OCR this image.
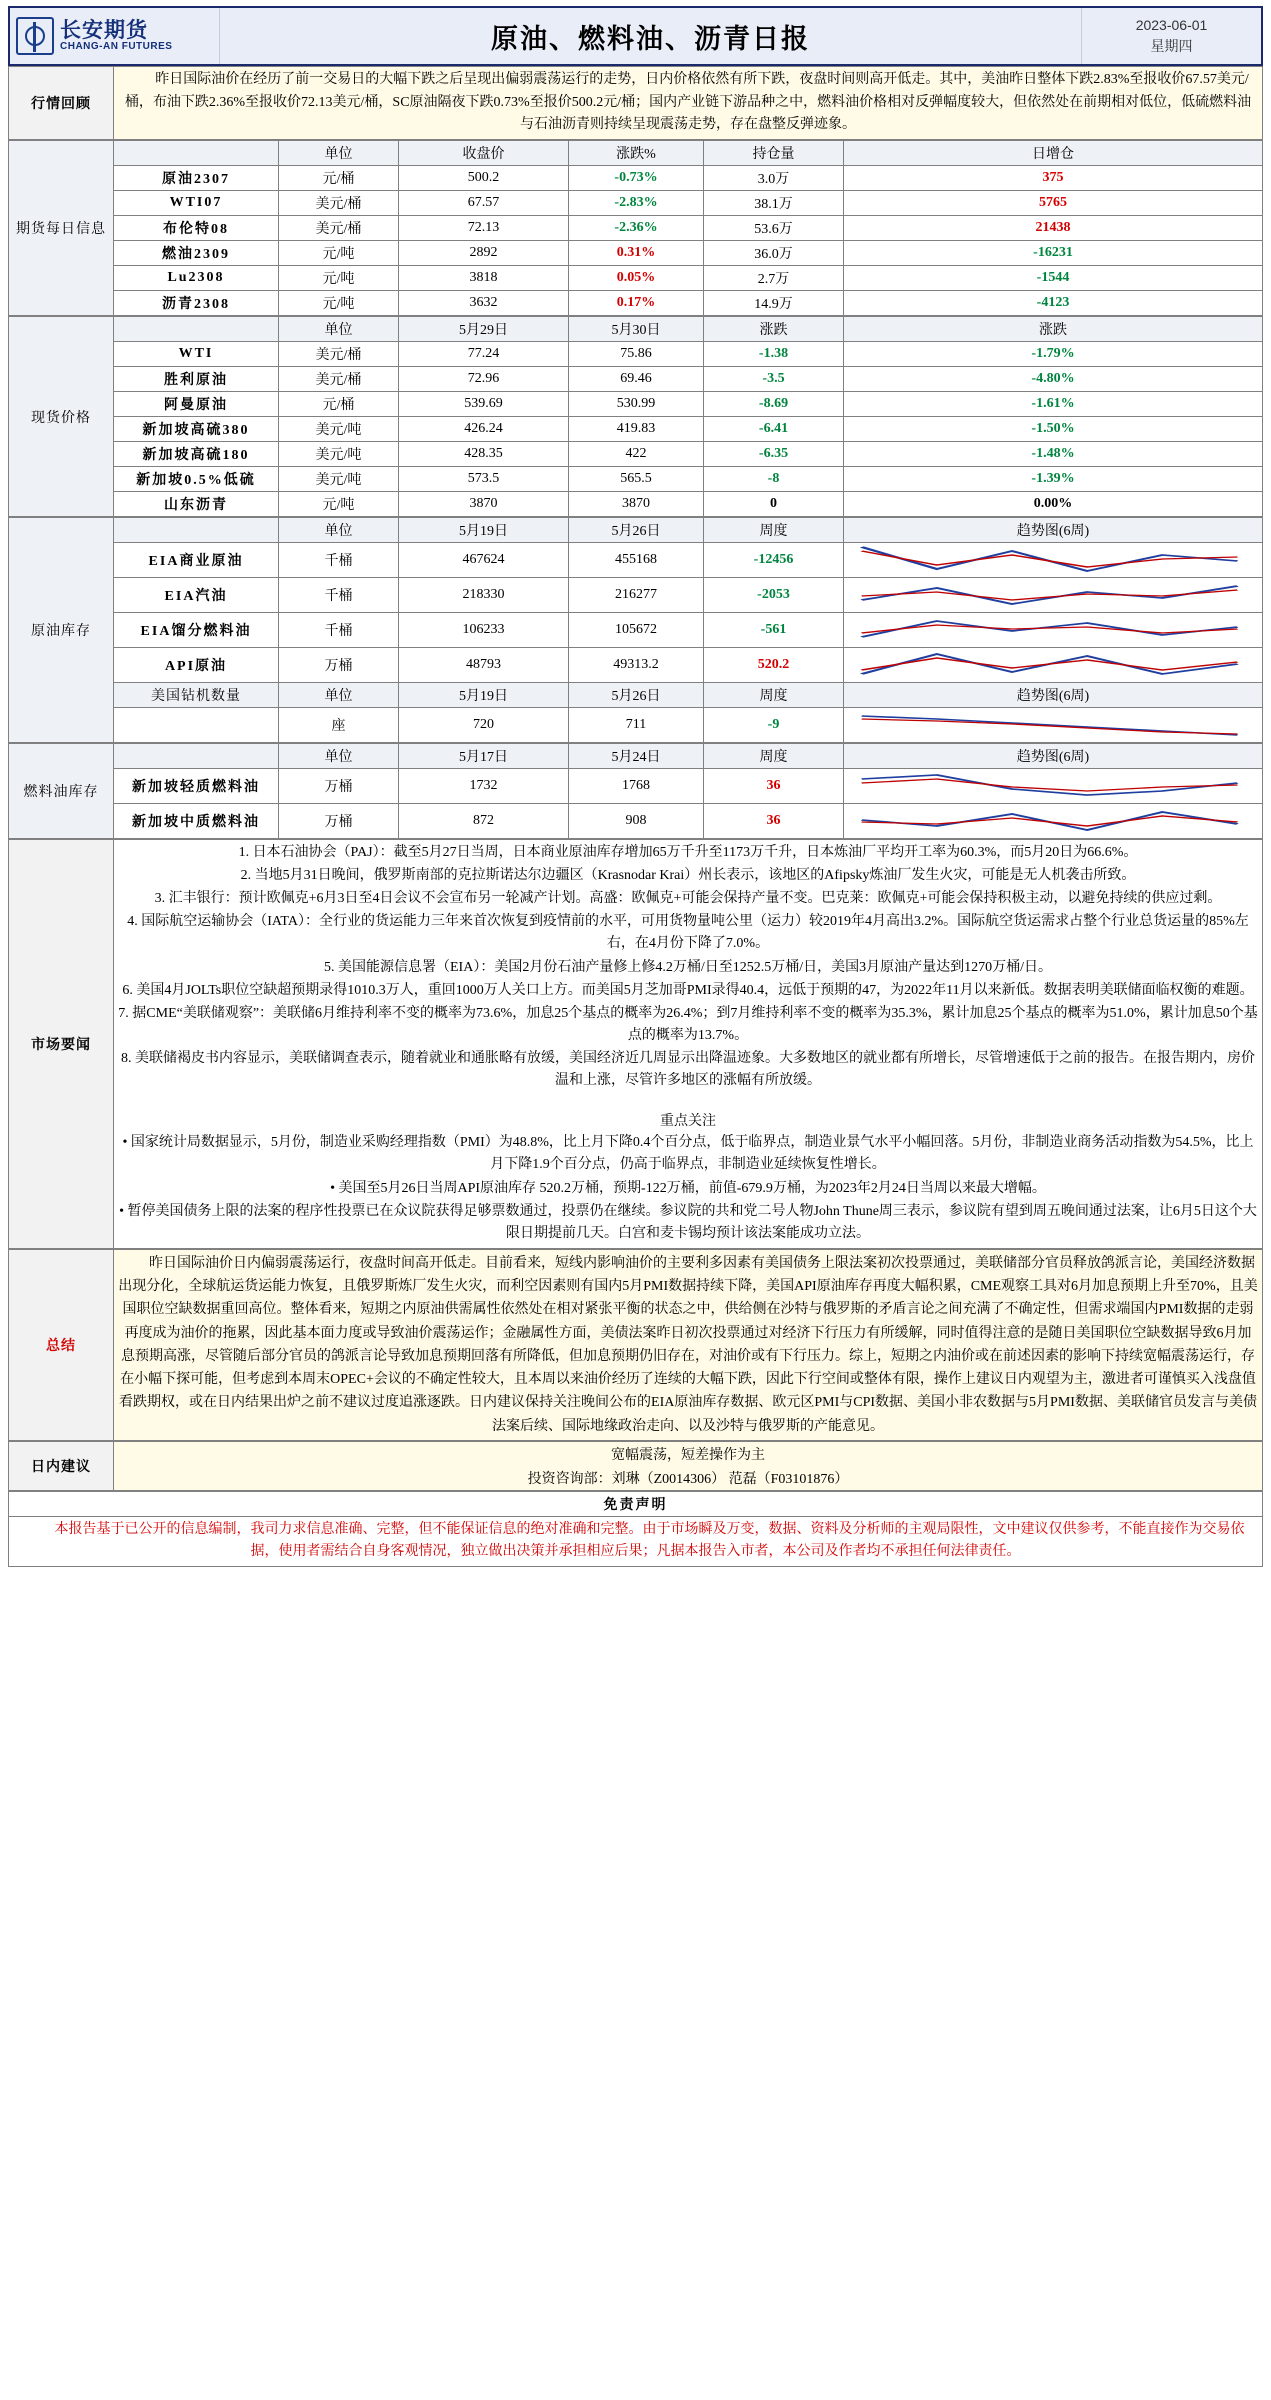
长安期货
CHANG-AN FUTURES	原油、燃料油、沥青日报	2023-06-01
星期四
行情回顾	昨日国际油价在经历了前一交易日的大幅下跌之后呈现出偏弱震荡运行的走势，日内价格依然有所下跌，夜盘时间则高开低走。其中，美油昨日整体下跌2.83%至报收价67.57美元/桶，布油下跌2.36%至报收价72.13美元/桶，SC原油隔夜下跌0.73%至报价500.2元/桶；国内产业链下游品种之中，燃料油价格相对反弹幅度较大，但依然处在前期相对低位，低硫燃料油与石油沥青则持续呈现震荡走势，存在盘整反弹迹象。
期货每日信息		单位	收盘价	涨跌%	持仓量	日增仓
	原油2307	元/桶	500.2	-0.73%	3.0万	375
	WTI07	美元/桶	67.57	-2.83%	38.1万	5765
	布伦特08	美元/桶	72.13	-2.36%	53.6万	21438
	燃油2309	元/吨	2892	0.31%	36.0万	-16231
	Lu2308	元/吨	3818	0.05%	2.7万	-1544
	沥青2308	元/吨	3632	0.17%	14.9万	-4123
现货价格		单位	5月29日	5月30日	涨跌	涨跌
	WTI	美元/桶	77.24	75.86	-1.38	-1.79%
	胜利原油	美元/桶	72.96	69.46	-3.5	-4.80%
	阿曼原油	元/桶	539.69	530.99	-8.69	-1.61%
	新加坡高硫380	美元/吨	426.24	419.83	-6.41	-1.50%
	新加坡高硫180	美元/吨	428.35	422	-6.35	-1.48%
	新加坡0.5%低硫	美元/吨	573.5	565.5	-8	-1.39%
	山东沥青	元/吨	3870	3870	0	0.00%
原油库存		单位	5月19日	5月26日	周度	趋势图(6周)
	EIA商业原油	千桶	467624	455168	-12456	

	EIA汽油	千桶	218330	216277	-2053	

	EIA馏分燃料油	千桶	106233	105672	-561	

	API原油	万桶	48793	49313.2	520.2	

	美国钻机数量	单位	5月19日	5月26日	周度	趋势图(6周)
		座	720	711	-9	
燃料油库存		单位	5月17日	5月24日	周度	趋势图(6周)
	新加坡轻质燃料油	万桶	1732	1768	36	

	新加坡中质燃料油	万桶	872	908	36	
市场要闻	

1. 日本石油协会（PAJ）：截至5月27日当周，日本商业原油库存增加65万千升至1173万千升，日本炼油厂平均开工率为60.3%，而5月20日为66.6%。

2. 当地5月31日晚间，俄罗斯南部的克拉斯诺达尔边疆区（Krasnodar Krai）州长表示，该地区的Afipsky炼油厂发生火灾，可能是无人机袭击所致。

3. 汇丰银行：预计欧佩克+6月3日至4日会议不会宣布另一轮减产计划。高盛：欧佩克+可能会保持产量不变。巴克莱：欧佩克+可能会保持积极主动，以避免持续的供应过剩。

4. 国际航空运输协会（IATA）：全行业的货运能力三年来首次恢复到疫情前的水平，可用货物量吨公里（运力）较2019年4月高出3.2%。国际航空货运需求占整个行业总货运量的85%左右，在4月份下降了7.0%。

5. 美国能源信息署（EIA）：美国2月份石油产量修上修4.2万桶/日至1252.5万桶/日，美国3月原油产量达到1270万桶/日。

6. 美国4月JOLTs职位空缺超预期录得1010.3万人，重回1000万人关口上方。而美国5月芝加哥PMI录得40.4，远低于预期的47，为2022年11月以来新低。数据表明美联储面临权衡的难题。

7. 据CME“美联储观察”：美联储6月维持利率不变的概率为73.6%，加息25个基点的概率为26.4%；到7月维持利率不变的概率为35.3%，累计加息25个基点的概率为51.0%，累计加息50个基点的概率为13.7%。

8. 美联储褐皮书内容显示，美联储调查表示，随着就业和通胀略有放缓，美国经济近几周显示出降温迹象。大多数地区的就业都有所增长，尽管增速低于之前的报告。在报告期内，房价温和上涨，尽管许多地区的涨幅有所放缓。

重点关注

• 国家统计局数据显示，5月份，制造业采购经理指数（PMI）为48.8%，比上月下降0.4个百分点，低于临界点，制造业景气水平小幅回落。5月份，非制造业商务活动指数为54.5%，比上月下降1.9个百分点，仍高于临界点，非制造业延续恢复性增长。

• 美国至5月26日当周API原油库存 520.2万桶，预期-122万桶，前值-679.9万桶，为2023年2月24日当周以来最大增幅。

• 暂停美国债务上限的法案的程序性投票已在众议院获得足够票数通过，投票仍在继续。参议院的共和党二号人物John Thune周三表示，参议院有望到周五晚间通过法案，让6月5日这个大限日期提前几天。白宫和麦卡锡均预计该法案能成功立法。

总结	昨日国际油价日内偏弱震荡运行，夜盘时间高开低走。目前看来，短线内影响油价的主要利多因素有美国债务上限法案初次投票通过，美联储部分官员释放鸽派言论，美国经济数据出现分化，全球航运货运能力恢复，且俄罗斯炼厂发生火灾，而利空因素则有国内5月PMI数据持续下降，美国API原油库存再度大幅积累，CME观察工具对6月加息预期上升至70%，且美国职位空缺数据重回高位。整体看来，短期之内原油供需属性依然处在相对紧张平衡的状态之中，供给侧在沙特与俄罗斯的矛盾言论之间充满了不确定性，但需求端国内PMI数据的走弱再度成为油价的拖累，因此基本面力度或导致油价震荡运作；金融属性方面，美债法案昨日初次投票通过对经济下行压力有所缓解，同时值得注意的是随日美国职位空缺数据导致6月加息预期高涨，尽管随后部分官员的鸽派言论导致加息预期回落有所降低，但加息预期仍旧存在，对油价或有下行压力。综上，短期之内油价或在前述因素的影响下持续宽幅震荡运行，存在小幅下探可能，但考虑到本周末OPEC+会议的不确定性较大，且本周以来油价经历了连续的大幅下跌，因此下行空间或整体有限，操作上建议日内观望为主，激进者可谨慎买入浅盘值看跌期权，或在日内结果出炉之前不建议过度追涨逐跌。日内建议保持关注晚间公布的EIA原油库存数据、欧元区PMI与CPI数据、美国小非农数据与5月PMI数据、美联储官员发言与美债法案后续、国际地缘政治走向、以及沙特与俄罗斯的产能意见。
日内建议	
宽幅震荡，短差操作为主
投资咨询部：刘琳（Z0014306） 范磊（F03101876）
免责声明
本报告基于已公开的信息编制，我司力求信息准确、完整，但不能保证信息的绝对准确和完整。由于市场瞬及万变，数据、资料及分析师的主观局限性，文中建议仅供参考，不能直接作为交易依据，使用者需结合自身客观情况，独立做出决策并承担相应后果；凡据本报告入市者，本公司及作者均不承担任何法律责任。
